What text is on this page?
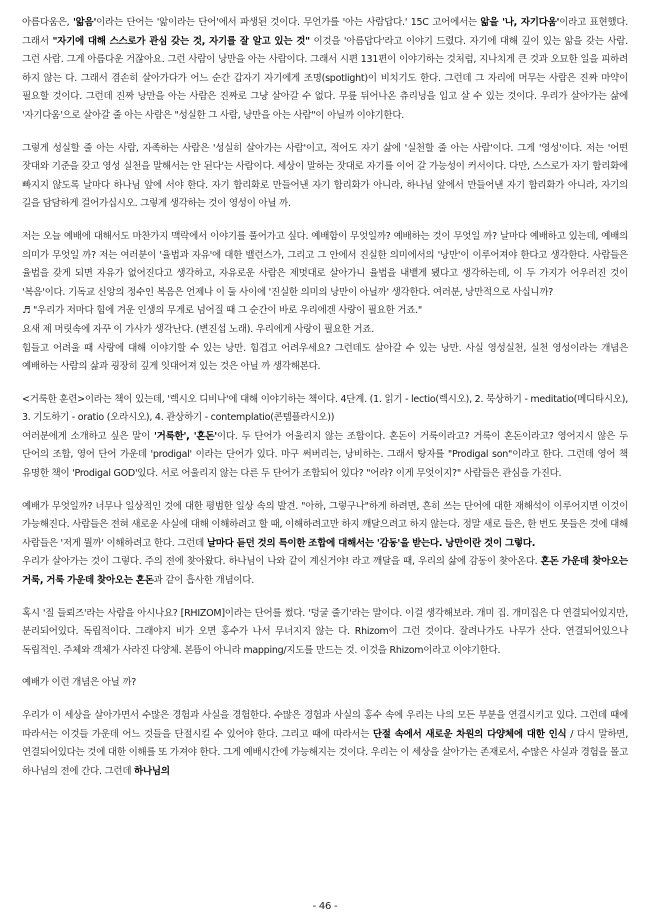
아름다움은, '앎음'이라는 단어는 '앎이라는 단어'에서 파생된 것이다. 무언가를 '아는 사람답다.' 15C 고어에서는 앎을 '나, 자기다움'이라고 표현했다. 그래서 "자기에 대해 스스로가 관심 갖는 것, 자기를 잘 알고 있는 것" 이것을 '아름답다'라고 이야기 드렸다. 자기에 대해 깊이 있는 앎을 갖는 사람. 그런 사람. 그게 아름다운 거잖아요. 그런 사람이 낭만을 아는 사람이다. 그래서 시편 131편이 이야기하는 것처럼, 지나치게 큰 것과 오묘한 일을 피하려 하지 않는 다. 그래서 겸손히 살아가다가 어느 순간 갑자기 자기에게 조명(spotlight)이 비치기도 한다. 그런데 그 자리에 머무는 사람은 진짜 마약이 필요할 것이다. 그런데 진짜 낭만을 아는 사람은 진짜로 그냥 살아갈 수 없다. 무릎 뒤어나온 츄리닝을 입고 살 수 있는 것이다. 우리가 살아가는 삶에 '자기다움'으로 살아갈 줄 아는 사람은 "성실한 그 사람, 낭만을 아는 사람"이 아닐까 이야기한다.

그렇게 성실할 줄 아는 사람, 자족하는 사람은 '성실히 살아가는 사람'이고, 적어도 자기 삶에 '실천할 줄 아는 사람'이다. 그게 '영성'이다. 저는 '어떤 잣대와 기준을 갖고 영성 실천을 말해서는 안 된다'는 사람이다. 세상이 말하는 잣대로 자기를 이어 갈 가능성이 커서이다. 다만, 스스로가 자기 합리화에 빠지지 않도록 날마다 하나님 앞에 서야 한다. 자기 합리화로 만들어낸 자기 합리화가 아니라, 하나님 앞에서 만들어낸 자기 합리화가 아니라, 자기의 길을 담담하게 걸어가십시오. 그렇게 생각하는 것이 영성이 아닐 까.

저는 오늘 예배에 대해서도 마찬가지 맥락에서 이야기를 풀어가고 싶다. 예배함이 무엇일까? 예배하는 것이 무엇일 까? 날마다 예배하고 있는데, 예배의 의미가 무엇일 까? 저는 여러분이 '율법과 자유'에 대한 밸런스가, 그리고 그 안에서 진실한 의미에서의 '낭만'이 이루어져야 한다고 생각한다. 사람들은 율법을 갖게 되면 자유가 없어진다고 생각하고, 자유로운 사람은 제멋대로 살아가니 율법을 내뱉게 됐다고 생각하는데, 이 두 가지가 어우러진 것이 '복음'이다. 기독교 신앙의 정수인 복음은 언제나 이 둘 사이에 '진실한 의미의 낭만이 아닐까' 생각한다. 여러분, 낭만적으로 사십니까?

♬ "우리가 저마다 힘에 겨운 인생의 무게로 넘어질 때 그 순간이 바로 우리에겐 사랑이 필요한 거죠."

요새 제 머릿속에 자꾸 이 가사가 생각난다. (변진섭 노래). 우리에게 사랑이 필요한 거죠.

힘들고 어려울 때 사랑에 대해 이야기할 수 있는 낭만. 힘겹고 어려우세요? 그런데도 살아갈 수 있는 낭만. 사실 영성실천, 실천 영성이라는 개념은 예배하는 사람의 삶과 굉장히 깊게 잇대어져 있는 것은 아닐 까 생각해본다.

<거룩한 훈련>이라는 책이 있는데, '렉시오 디비나'에 대해 이야기하는 책이다. 4단계. (1. 읽기 - lectio(렉시오), 2. 묵상하기 - meditatio(메디타시오), 3. 기도하기 - oratio (오라시오), 4. 관상하기 - contemplatio(콘템플라시오))

여러분에게 소개하고 싶은 말이 '거룩한', '혼돈'이다. 두 단어가 어울리지 않는 조합이다. 혼돈이 거룩이라고? 거룩이 혼돈이라고? 영어지시 않은 두 단어의 조합, 영어 단어 가운데 'prodigal' 이라는 단어가 있다. 마구 써버리는, 낭비하는. 그래서 탕자를 "Prodigal son"이라고 한다. 그런데 영어 책 유명한 책이 'Prodigal GOD'있다. 서로 어울리지 않는 다른 두 단어가 조합되어 있다? "어라? 이게 무엇이지?" 사람들은 관심을 가진다.

예배가 무엇일까? 너무나 일상적인 것에 대한 평범한 일상 속의 발견. "아하, 그렇구나"하게 하려면, 흔히 쓰는 단어에 대한 재해석이 이루어지면 이것이 가능해진다. 사람들은 전혀 새로운 사실에 대해 이해하려고 할 때, 이해하려고만 하지 깨달으려고 하지 않는다. 정말 새로 들은, 한 번도 못들은 것에 대해 사람들은 '저게 뭘까' 이해하려고 한다. 그런데 날마다 듣던 것의 특이한 조합에 대해서는 '감동'을 받는다. 낭만이란 것이 그렇다.

우리가 살아가는 것이 그렇다. 주의 전에 찾아왔다. 하나님이 나와 같이 계신거야! 라고 깨달을 때, 우리의 삶에 감동이 찾아온다. 혼돈 가운데 찾아오는 거룩, 거룩 가운데 찾아오는 혼돈과 같이 흡사한 개념이다.

혹시 '질 들뢰즈'라는 사람을 아시나요? [RHIZOM]이라는 단어를 썼다. '덩굴 줄기'라는 말이다. 이걸 생각해보라. 개미 집. 개미집은 다 연결되어있지만, 분리되어있다. 독립적이다. 그래야지 비가 오면 홍수가 나서 무너지지 않는 다. Rhizom이 그런 것이다. 잘려나가도 나무가 산다. 연결되어있으나 독립적인. 주체와 객체가 사라진 다양체. 본뜸이 아니라 mapping/지도를 만드는 것. 이것을 Rhizom이라고 이야기한다.

예배가 이런 개념은 아닐 까?

우리가 이 세상을 살아가면서 수많은 경험과 사실을 경험한다. 수많은 경험과 사실의 홍수 속에 우리는 나의 모든 부분을 연결시키고 있다. 그런데 때에 따라서는 이것들 가운데 어느 것들을 단절시킬 수 있어야 한다. 그리고 때에 따라서는 단절 속에서 새로운 차원의 다양체에 대한 인식 / 다시 말하면, 연결되어있다는 것에 대한 이해를 또 가져야 한다. 그게 예배시간에 가능해지는 것이다. 우리는 이 세상을 살아가는 존재로서, 수많은 사실과 경험을 몰고 하나님의 전에 간다. 그런데 하나님의

- 46 -
